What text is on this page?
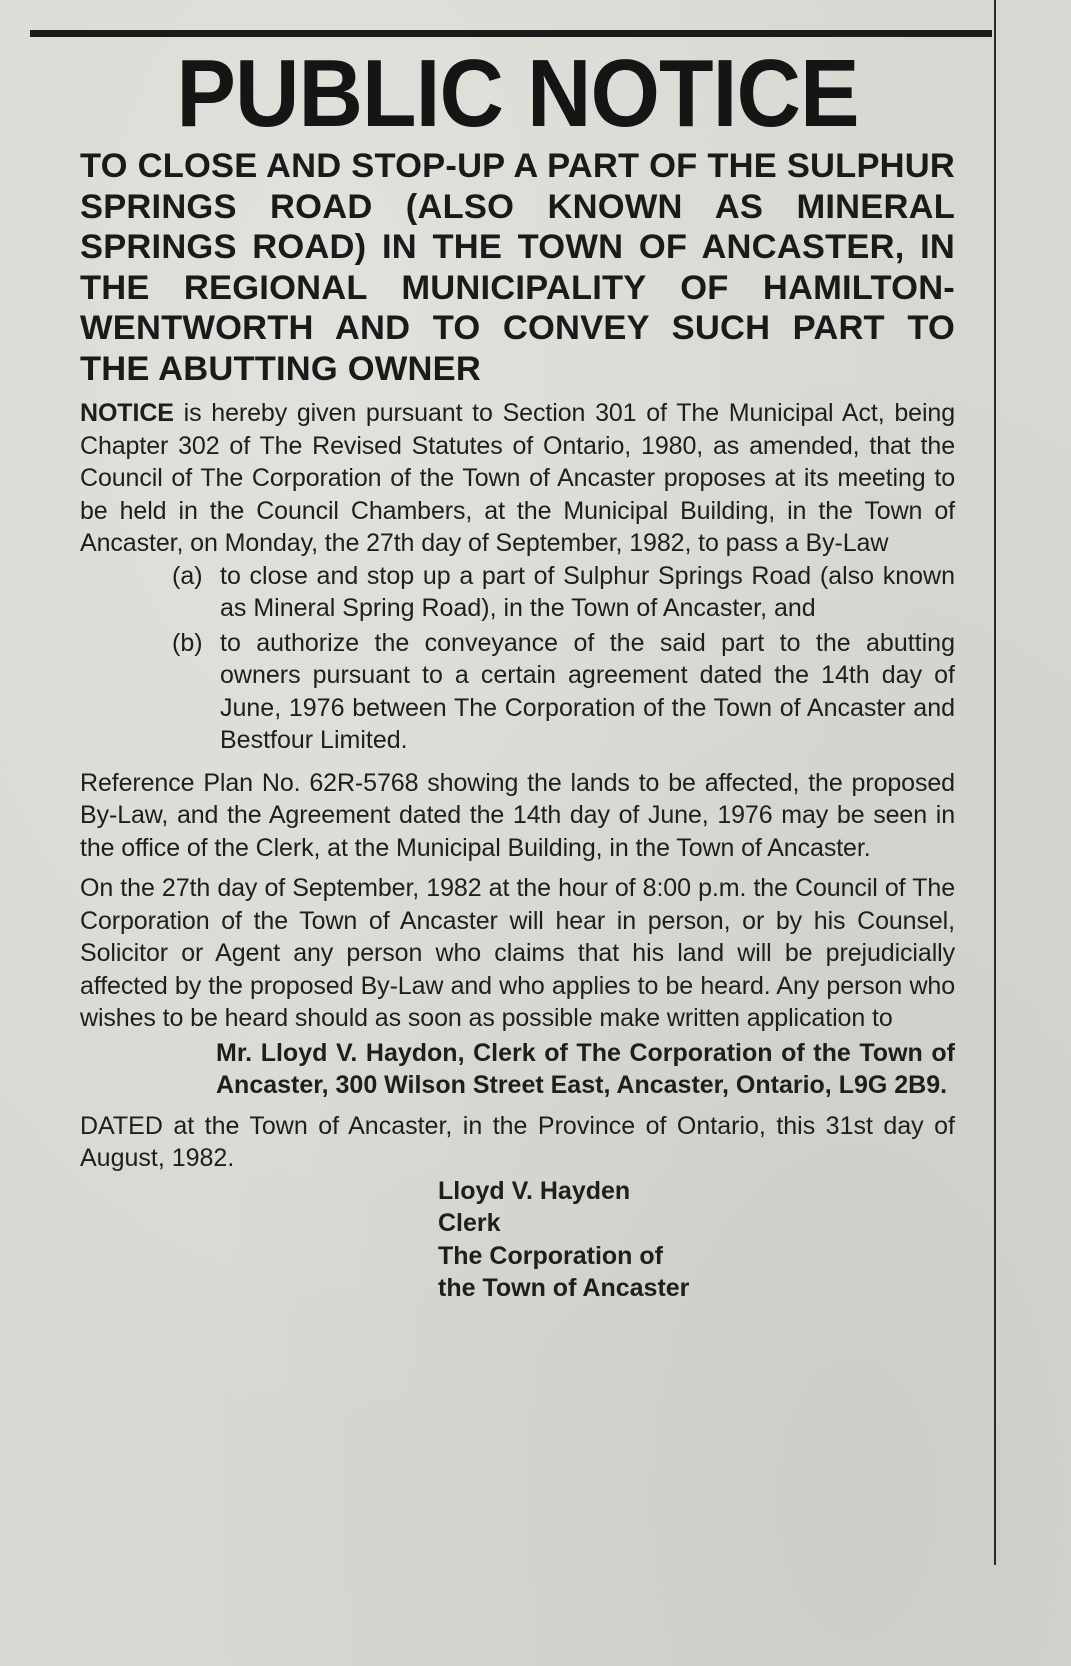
PUBLIC NOTICE
TO CLOSE AND STOP-UP A PART OF THE SULPHUR SPRINGS ROAD (ALSO KNOWN AS MINERAL SPRINGS ROAD) IN THE TOWN OF ANCASTER, IN THE REGIONAL MUNICIPALITY OF HAMILTON-WENTWORTH AND TO CONVEY SUCH PART TO THE ABUTTING OWNER

NOTICE is hereby given pursuant to Section 301 of The Municipal Act, being Chapter 302 of The Revised Statutes of Ontario, 1980, as amended, that the Council of The Corporation of the Town of Ancaster proposes at its meeting to be held in the Council Chambers, at the Municipal Building, in the Town of Ancaster, on Monday, the 27th day of September, 1982, to pass a By-Law

(a) to close and stop up a part of Sulphur Springs Road (also known as Mineral Spring Road), in the Town of Ancaster, and
(b) to authorize the conveyance of the said part to the abutting owners pursuant to a certain agreement dated the 14th day of June, 1976 between The Corporation of the Town of Ancaster and Bestfour Limited.

Reference Plan No. 62R-5768 showing the lands to be affected, the proposed By-Law, and the Agreement dated the 14th day of June, 1976 may be seen in the office of the Clerk, at the Municipal Building, in the Town of Ancaster.

On the 27th day of September, 1982 at the hour of 8:00 p.m. the Council of The Corporation of the Town of Ancaster will hear in person, or by his Counsel, Solicitor or Agent any person who claims that his land will be prejudicially affected by the proposed By-Law and who applies to be heard. Any person who wishes to be heard should as soon as possible make written application to

Mr. Lloyd V. Haydon, Clerk of The Corporation of the Town of Ancaster, 300 Wilson Street East, Ancaster, Ontario, L9G 2B9.

DATED at the Town of Ancaster, in the Province of Ontario, this 31st day of August, 1982.

Lloyd V. Hayden
Clerk
The Corporation of
the Town of Ancaster
